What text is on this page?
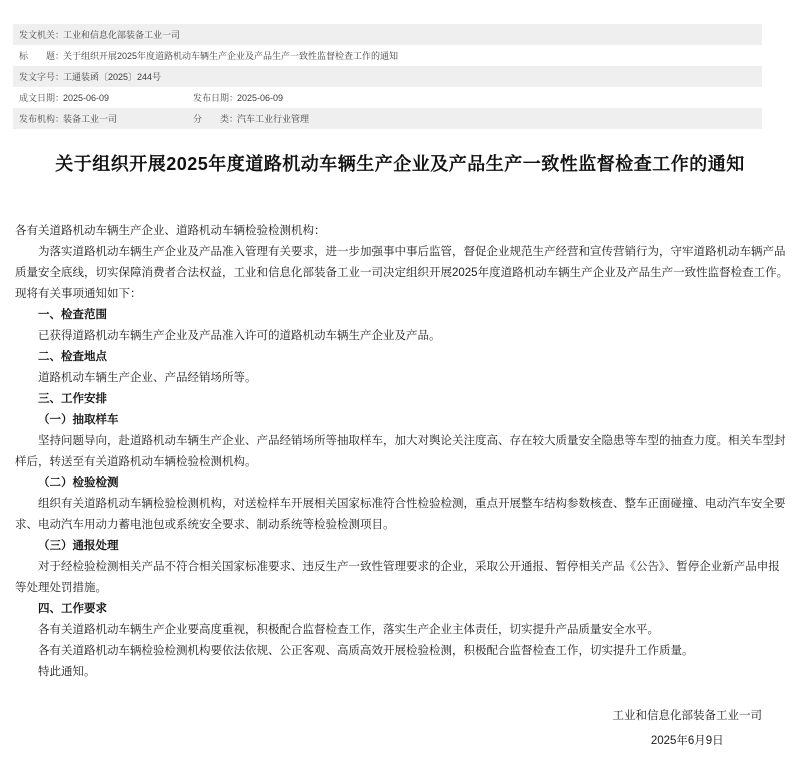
发文机关：
工业和信息化部装备工业一司
标　　题：
关于组织开展2025年度道路机动车辆生产企业及产品生产一致性监督检查工作的通知
发文字号：
工通装函〔2025〕244号
成文日期：
2025-06-09	发布日期：
2025-06-09
发布机构：
装备工业一司	分　　类：
汽车工业行业管理
关于组织开展2025年度道路机动车辆生产企业及产品生产一致性监督检查工作的通知

各有关道路机动车辆生产企业、道路机动车辆检验检测机构：

为落实道路机动车辆生产企业及产品准入管理有关要求，进一步加强事中事后监管，督促企业规范生产经营和宣传营销行为，守牢道路机动车辆产品质量安全底线，切实保障消费者合法权益，工业和信息化部装备工业一司决定组织开展2025年度道路机动车辆生产企业及产品生产一致性监督检查工作。现将有关事项通知如下：

一、检查范围

已获得道路机动车辆生产企业及产品准入许可的道路机动车辆生产企业及产品。

二、检查地点

道路机动车辆生产企业、产品经销场所等。

三、工作安排

（一）抽取样车

坚持问题导向，赴道路机动车辆生产企业、产品经销场所等抽取样车，加大对舆论关注度高、存在较大质量安全隐患等车型的抽查力度。相关车型封样后，转送至有关道路机动车辆检验检测机构。

（二）检验检测

组织有关道路机动车辆检验检测机构，对送检样车开展相关国家标准符合性检验检测，重点开展整车结构参数核查、整车正面碰撞、电动汽车安全要求、电动汽车用动力蓄电池包或系统安全要求、制动系统等检验检测项目。

（三）通报处理

对于经检验检测相关产品不符合相关国家标准要求、违反生产一致性管理要求的企业，采取公开通报、暂停相关产品《公告》、暂停企业新产品申报等处理处罚措施。

四、工作要求

各有关道路机动车辆生产企业要高度重视，积极配合监督检查工作，落实生产企业主体责任，切实提升产品质量安全水平。

各有关道路机动车辆检验检测机构要依法依规、公正客观、高质高效开展检验检测，积极配合监督检查工作，切实提升工作质量。

特此通知。

工业和信息化部装备工业一司
2025年6月9日
